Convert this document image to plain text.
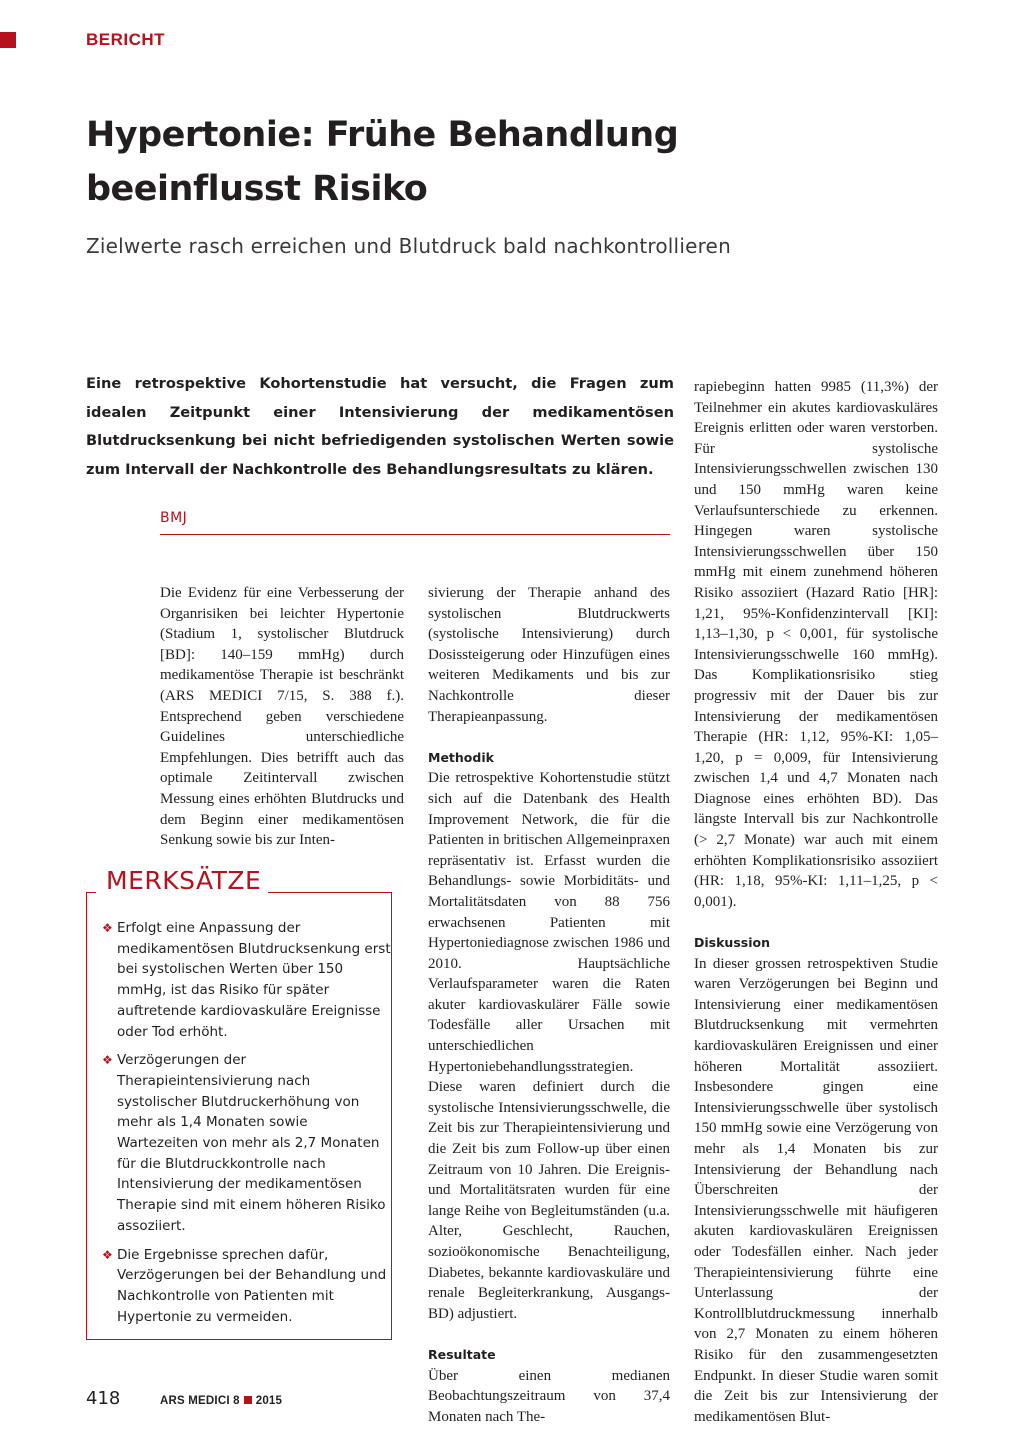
BERICHT
Hypertonie: Frühe Behandlung
beeinflusst Risiko
Zielwerte rasch erreichen und Blutdruck bald nachkontrollieren

Eine retrospektive Kohortenstudie hat versucht, die Fragen zum idealen Zeitpunkt einer Intensivierung der medikamentösen Blutdrucksenkung bei nicht befriedigenden systolischen Werten sowie zum Intervall der Nachkontrolle des Behandlungsresultats zu klären.

BMJ

Die Evidenz für eine Verbesserung der Organrisiken bei leichter Hypertonie (Stadium 1, systolischer Blutdruck [BD]: 140–159 mmHg) durch medikamentöse Therapie ist beschränkt (ARS MEDICI 7/15, S. 388 f.). Entsprechend geben verschiedene Guidelines unterschiedliche Empfehlungen. Dies betrifft auch das optimale Zeitintervall zwischen Messung eines erhöhten Blutdrucks und dem Beginn einer medikamentösen Senkung sowie bis zur Inten-

sivierung der Therapie anhand des systolischen Blutdruckwerts (systolische Intensivierung) durch Dosissteigerung oder Hinzufügen eines weiteren Medikaments und bis zur Nachkontrolle dieser Therapieanpassung.

Methodik

Die retrospektive Kohortenstudie stützt sich auf die Datenbank des Health Improvement Network, die für die Patienten in britischen Allgemeinpraxen repräsentativ ist. Erfasst wurden die Behandlungs- sowie Morbiditäts- und Mortalitätsdaten von 88 756 erwachsenen Patienten mit Hypertoniediagnose zwischen 1986 und 2010. Hauptsächliche Verlaufsparameter waren die Raten akuter kardiovaskulärer Fälle sowie Todesfälle aller Ursachen mit unterschiedlichen Hypertoniebehandlungsstrategien. Diese waren definiert durch die systolische Intensivierungsschwelle, die Zeit bis zur Therapieintensivierung und die Zeit bis zum Follow-up über einen Zeitraum von 10 Jahren. Die Ereignis- und Mortalitätsraten wurden für eine lange Reihe von Begleitumständen (u.a. Alter, Geschlecht, Rauchen, sozioökonomische Benachteiligung, Diabetes, bekannte kardiovaskuläre und renale Begleiterkrankung, Ausgangs-BD) adjustiert.

Resultate

Über einen medianen Beobachtungszeitraum von 37,4 Monaten nach The-

rapiebeginn hatten 9985 (11,3%) der Teilnehmer ein akutes kardiovaskuläres Ereignis erlitten oder waren verstorben. Für systolische Intensivierungsschwellen zwischen 130 und 150 mmHg waren keine Verlaufsunterschiede zu erkennen. Hingegen waren systolische Intensivierungsschwellen über 150 mmHg mit einem zunehmend höheren Risiko assoziiert (Hazard Ratio [HR]: 1,21, 95%-Konfidenzintervall [KI]: 1,13–1,30, p < 0,001, für systolische Intensivierungsschwelle 160 mmHg). Das Komplikationsrisiko stieg progressiv mit der Dauer bis zur Intensivierung der medikamentösen Therapie (HR: 1,12, 95%-KI: 1,05–1,20, p = 0,009, für Intensivierung zwischen 1,4 und 4,7 Monaten nach Diagnose eines erhöhten BD). Das längste Intervall bis zur Nachkontrolle (> 2,7 Monate) war auch mit einem erhöhten Komplikationsrisiko assoziiert (HR: 1,18, 95%-KI: 1,11–1,25, p < 0,001).

Diskussion

In dieser grossen retrospektiven Studie waren Verzögerungen bei Beginn und Intensivierung einer medikamentösen Blutdrucksenkung mit vermehrten kardiovaskulären Ereignissen und einer höheren Mortalität assoziiert. Insbesondere gingen eine Intensivierungsschwelle über systolisch 150 mmHg sowie eine Verzögerung von mehr als 1,4 Monaten bis zur Intensivierung der Behandlung nach Überschreiten der Intensivierungsschwelle mit häufigeren akuten kardiovaskulären Ereignissen oder Todesfällen einher. Nach jeder Therapieintensivierung führte eine Unterlassung der Kontrollblutdruckmessung innerhalb von 2,7 Monaten zu einem höheren Risiko für den zusammengesetzten Endpunkt. In dieser Studie waren somit die Zeit bis zur Intensivierung der medikamentösen Blut-

MERKSÄTZE
❖ Erfolgt eine Anpassung der medikamentösen Blutdrucksenkung erst bei systolischen Werten über 150 mmHg, ist das Risiko für später auftretende kardiovaskuläre Ereignisse oder Tod erhöht.
❖ Verzögerungen der Therapieintensivierung nach systolischer Blutdruckerhöhung von mehr als 1,4 Monaten sowie Wartezeiten von mehr als 2,7 Monaten für die Blutdruckkontrolle nach Intensivierung der medikamentösen Therapie sind mit einem höheren Risiko assoziiert.
❖ Die Ergebnisse sprechen dafür, Verzögerungen bei der Behandlung und Nachkontrolle von Patienten mit Hypertonie zu vermeiden.
418	ARS MEDICI 8 2015
